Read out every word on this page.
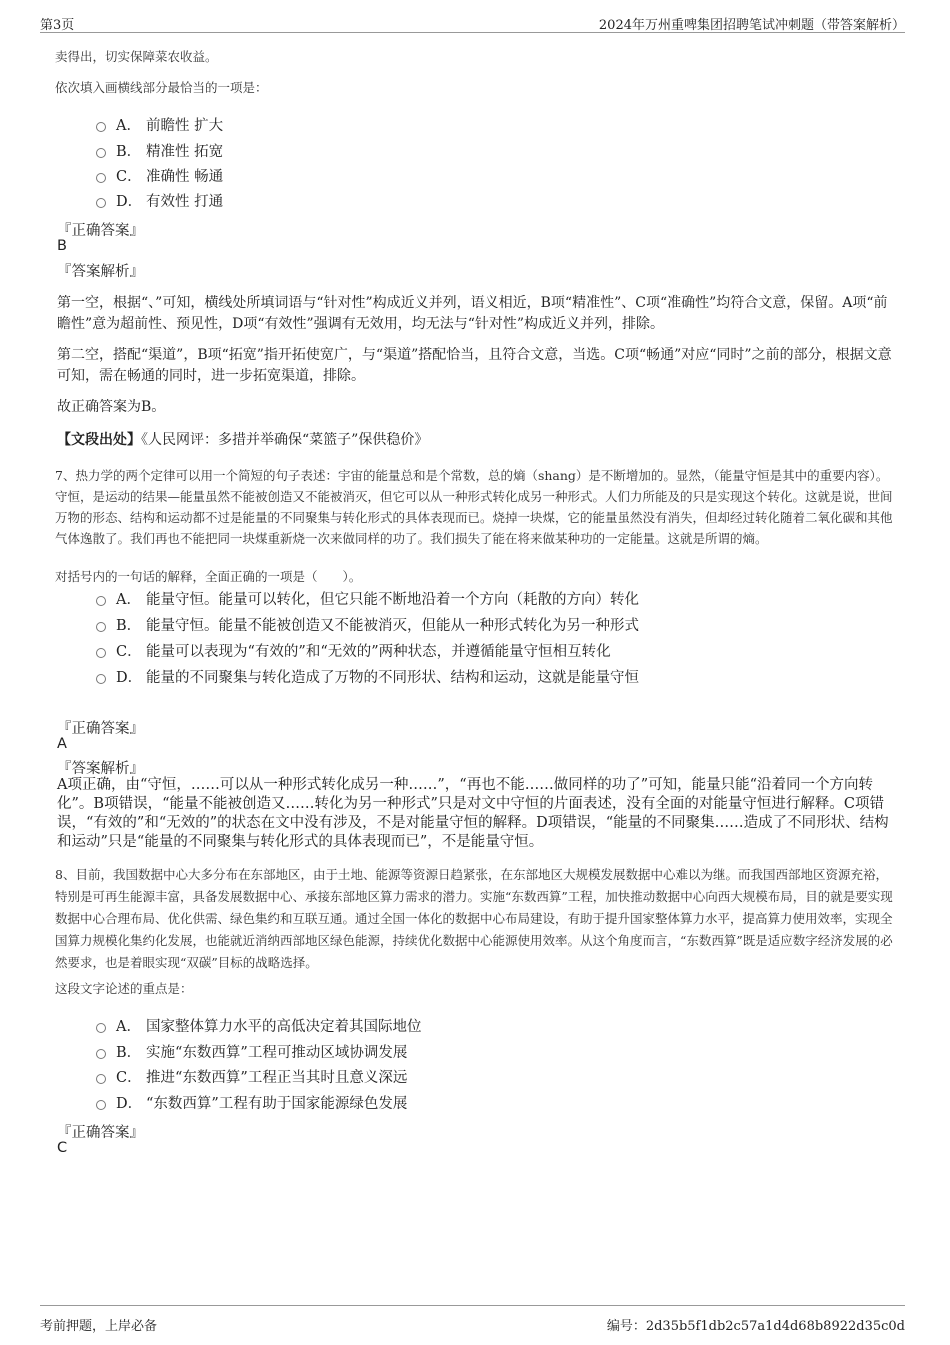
第3页	2024年万州重啤集团招聘笔试冲刺题（带答案解析）
卖得出，切实保障菜农收益。
依次填入画横线部分最恰当的一项是：
A． 前瞻性 扩大
B． 精准性 拓宽
C． 准确性 畅通
D． 有效性 打通
『正确答案』
B
『答案解析』
第一空，根据“、”可知，横线处所填词语与“针对性”构成近义并列，语义相近，B项“精准性”、C项“准确性”均符合文意，保留。A项“前瞻性”意为超前性、预见性，D项“有效性”强调有无效用，均无法与“针对性”构成近义并列，排除。
第二空，搭配“渠道”，B项“拓宽”指开拓使宽广，与“渠道”搭配恰当，且符合文意，当选。C项“畅通”对应“同时”之前的部分，根据文意可知，需在畅通的同时，进一步拓宽渠道，排除。
故正确答案为B。
【文段出处】《人民网评：多措并举确保“菜篮子”保供稳价》
7、热力学的两个定律可以用一个简短的句子表述：宇宙的能量总和是个常数，总的熵（shang）是不断增加的。显然，（能量守恒是其中的重要内容）。守恒，是运动的结果—能量虽然不能被创造又不能被消灭，但它可以从一种形式转化成另一种形式。人们力所能及的只是实现这个转化。这就是说，世间万物的形态、结构和运动都不过是能量的不同聚集与转化形式的具体表现而已。烧掉一块煤，它的能量虽然没有消失，但却经过转化随着二氧化碳和其他气体逸散了。我们再也不能把同一块煤重新烧一次来做同样的功了。我们损失了能在将来做某种功的一定能量。这就是所谓的熵。
对括号内的一句话的解释，全面正确的一项是（　　）。
A． 能量守恒。能量可以转化，但它只能不断地沿着一个方向（耗散的方向）转化
B． 能量守恒。能量不能被创造又不能被消灭，但能从一种形式转化为另一种形式
C． 能量可以表现为“有效的”和“无效的”两种状态，并遵循能量守恒相互转化
D． 能量的不同聚集与转化造成了万物的不同形状、结构和运动，这就是能量守恒
『正确答案』
A
『答案解析』
A项正确，由“守恒，……可以从一种形式转化成另一种……”，“再也不能……做同样的功了”可知，能量只能“沿着同一个方向转化”。B项错误，“能量不能被创造又……转化为另一种形式”只是对文中守恒的片面表述，没有全面的对能量守恒进行解释。C项错误，“有效的”和“无效的”的状态在文中没有涉及，不是对能量守恒的解释。D项错误，“能量的不同聚集……造成了不同形状、结构和运动”只是“能量的不同聚集与转化形式的具体表现而已”，不是能量守恒。
8、目前，我国数据中心大多分布在东部地区，由于土地、能源等资源日趋紧张，在东部地区大规模发展数据中心难以为继。而我国西部地区资源充裕，特别是可再生能源丰富，具备发展数据中心、承接东部地区算力需求的潜力。实施“东数西算”工程，加快推动数据中心向西大规模布局，目的就是要实现数据中心合理布局、优化供需、绿色集约和互联互通。通过全国一体化的数据中心布局建设，有助于提升国家整体算力水平，提高算力使用效率，实现全国算力规模化集约化发展，也能就近消纳西部地区绿色能源，持续优化数据中心能源使用效率。从这个角度而言，“东数西算”既是适应数字经济发展的必然要求，也是着眼实现“双碳”目标的战略选择。
这段文字论述的重点是：
A． 国家整体算力水平的高低决定着其国际地位
B． 实施“东数西算”工程可推动区域协调发展
C． 推进“东数西算”工程正当其时且意义深远
D． “东数西算”工程有助于国家能源绿色发展
『正确答案』
C
考前押题，上岸必备	编号：2d35b5f1db2c57a1d4d68b8922d35c0d
